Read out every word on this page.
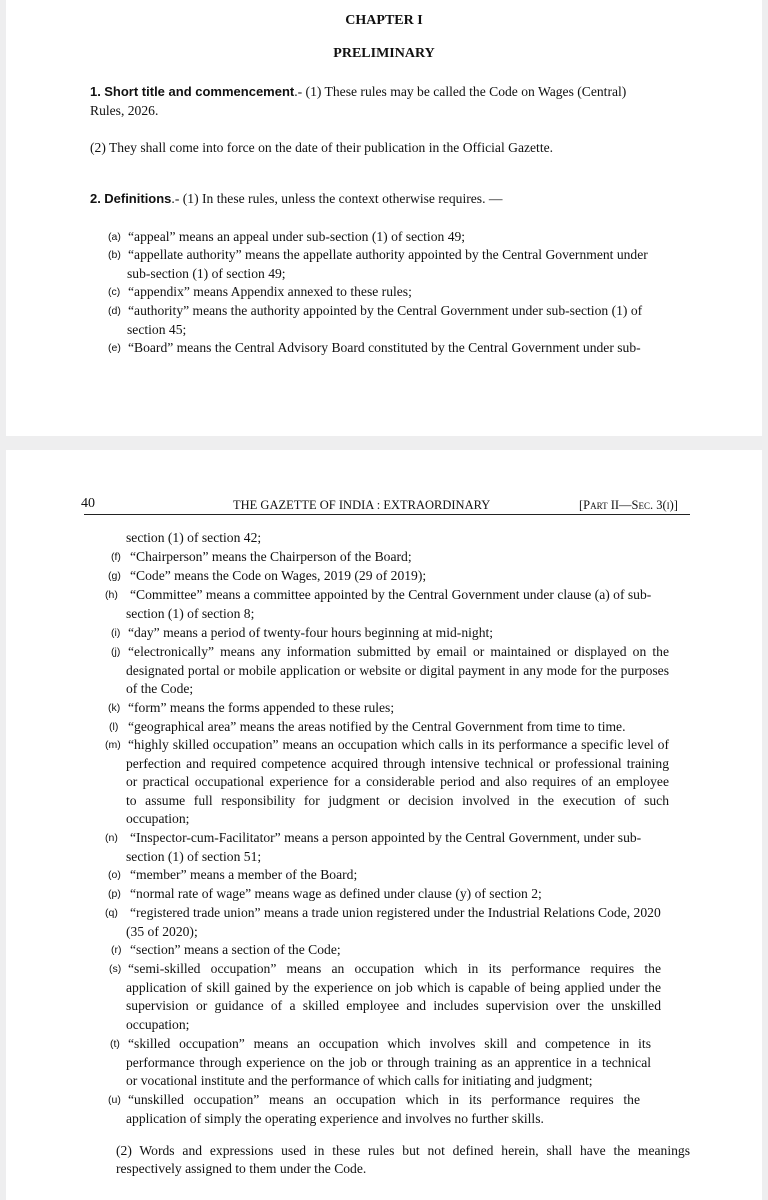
CHAPTER I
PRELIMINARY
1. Short title and commencement.- (1) These rules may be called the Code on Wages (Central)
Rules, 2026.
(2) They shall come into force on the date of their publication in the Official Gazette.
2. Definitions.- (1) In these rules, unless the context otherwise requires. —
(a) “appeal” means an appeal under sub-section (1) of section 49;
(b) “appellate authority” means the appellate authority appointed by the Central Government under
sub-section (1) of section 49;
(c) “appendix” means Appendix annexed to these rules;
(d) “authority” means the authority appointed by the Central Government under sub-section (1) of
section 45;
(e) “Board” means the Central Advisory Board constituted by the Central Government under sub-
40	THE GAZETTE OF INDIA : EXTRAORDINARY	[Part II—Sec. 3(i)]
section (1) of section 42;
(f) “Chairperson” means the Chairperson of the Board;
(g) “Code” means the Code on Wages, 2019 (29 of 2019);
(h) “Committee” means a committee appointed by the Central Government under clause (a) of sub-
section (1) of section 8;
(i) “day” means a period of twenty-four hours beginning at mid-night;
(j) “electronically” means any information submitted by email or maintained or displayed on the
designated portal or mobile application or website or digital payment in any mode for the purposes
of the Code;
(k) “form” means the forms appended to these rules;
(l) “geographical area” means the areas notified by the Central Government from time to time.
(m) “highly skilled occupation” means an occupation which calls in its performance a specific level of
perfection and required competence acquired through intensive technical or professional training
or practical occupational experience for a considerable period and also requires of an employee
to assume full responsibility for judgment or decision involved in the execution of such
occupation;
(n) “Inspector-cum-Facilitator” means a person appointed by the Central Government, under sub-
section (1) of section 51;
(o) “member” means a member of the Board;
(p) “normal rate of wage” means wage as defined under clause (y) of section 2;
(q) “registered trade union” means a trade union registered under the Industrial Relations Code, 2020
(35 of 2020);
(r) “section” means a section of the Code;
(s) “semi-skilled occupation” means an occupation which in its performance requires the
application of skill gained by the experience on job which is capable of being applied under the
supervision or guidance of a skilled employee and includes supervision over the unskilled
occupation;
(t) “skilled occupation” means an occupation which involves skill and competence in its
performance through experience on the job or through training as an apprentice in a technical
or vocational institute and the performance of which calls for initiating and judgment;
(u) “unskilled occupation” means an occupation which in its performance requires the
application of simply the operating experience and involves no further skills.
(2) Words and expressions used in these rules but not defined herein, shall have the meanings
respectively assigned to them under the Code.
